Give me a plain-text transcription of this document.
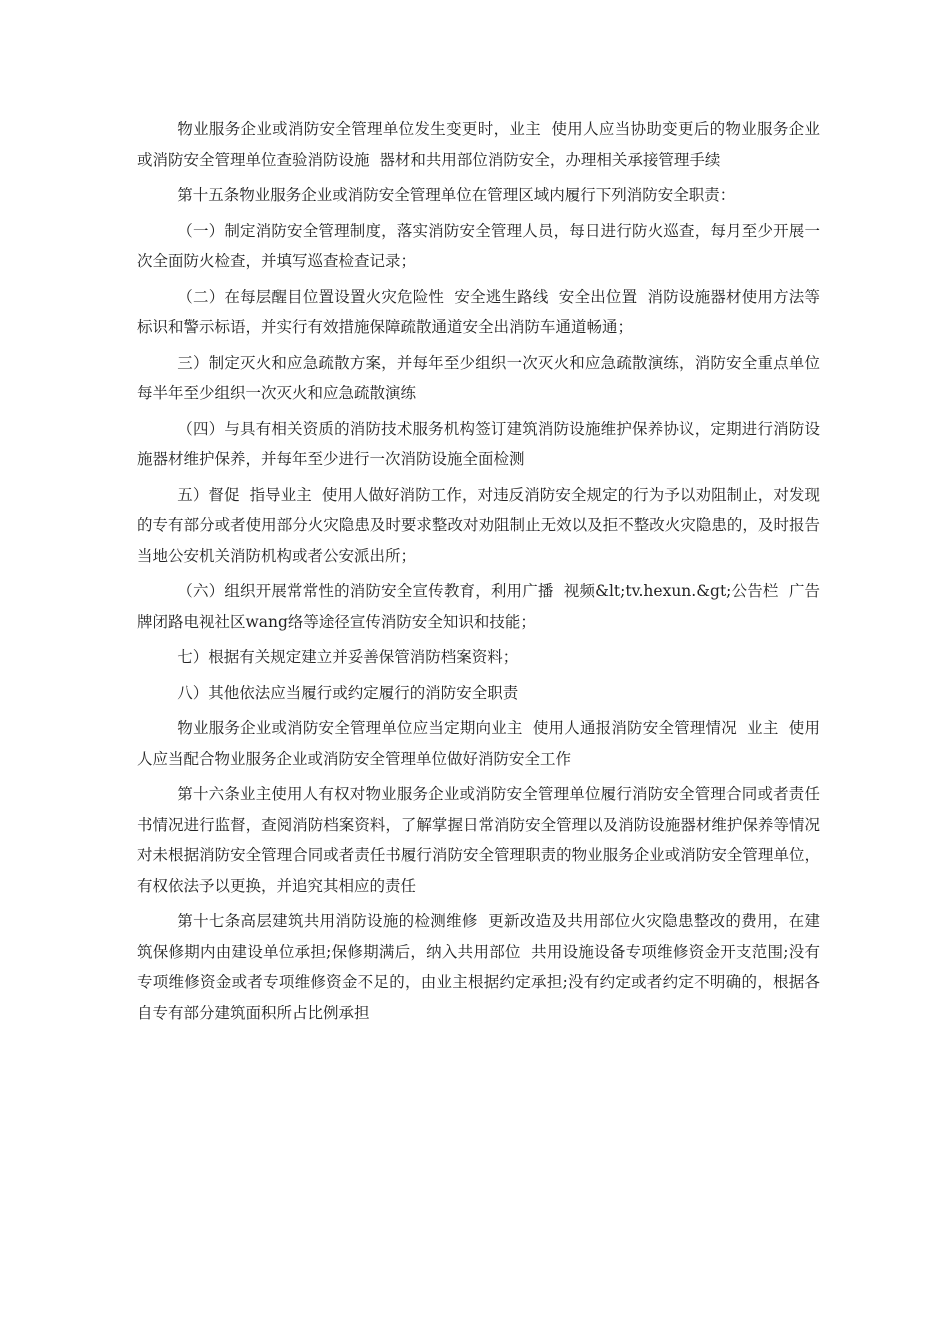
物业服务企业或消防安全管理单位发生变更时，业主  使用人应当协助变更后的物业服务企业或消防安全管理单位查验消防设施  器材和共用部位消防安全，办理相关承接管理手续

第十五条物业服务企业或消防安全管理单位在管理区域内履行下列消防安全职责：

（一）制定消防安全管理制度，落实消防安全管理人员，每日进行防火巡查，每月至少开展一次全面防火检查，并填写巡查检查记录；

（二）在每层醒目位置设置火灾危险性  安全逃生路线  安全出位置  消防设施器材使用方法等标识和警示标语，并实行有效措施保障疏散通道安全出消防车通道畅通；

三）制定灭火和应急疏散方案，并每年至少组织一次灭火和应急疏散演练，消防安全重点单位每半年至少组织一次灭火和应急疏散演练

（四）与具有相关资质的消防技术服务机构签订建筑消防设施维护保养协议，定期进行消防设施器材维护保养，并每年至少进行一次消防设施全面检测

五）督促  指导业主  使用人做好消防工作，对违反消防安全规定的行为予以劝阻制止，对发现的专有部分或者使用部分火灾隐患及时要求整改对劝阻制止无效以及拒不整改火灾隐患的，及时报告当地公安机关消防机构或者公安派出所；

（六）组织开展常常性的消防安全宣传教育，利用广播  视频&lt;tv.hexun.&gt;公告栏  广告牌闭路电视社区wang络等途径宣传消防安全知识和技能；

七）根据有关规定建立并妥善保管消防档案资料；

八）其他依法应当履行或约定履行的消防安全职责

物业服务企业或消防安全管理单位应当定期向业主  使用人通报消防安全管理情况  业主  使用人应当配合物业服务企业或消防安全管理单位做好消防安全工作

第十六条业主使用人有权对物业服务企业或消防安全管理单位履行消防安全管理合同或者责任书情况进行监督，查阅消防档案资料，了解掌握日常消防安全管理以及消防设施器材维护保养等情况对未根据消防安全管理合同或者责任书履行消防安全管理职责的物业服务企业或消防安全管理单位，有权依法予以更换，并追究其相应的责任

第十七条高层建筑共用消防设施的检测维修  更新改造及共用部位火灾隐患整改的费用，在建筑保修期内由建设单位承担;保修期满后，纳入共用部位  共用设施设备专项维修资金开支范围;没有专项维修资金或者专项维修资金不足的，由业主根据约定承担;没有约定或者约定不明确的，根据各自专有部分建筑面积所占比例承担
